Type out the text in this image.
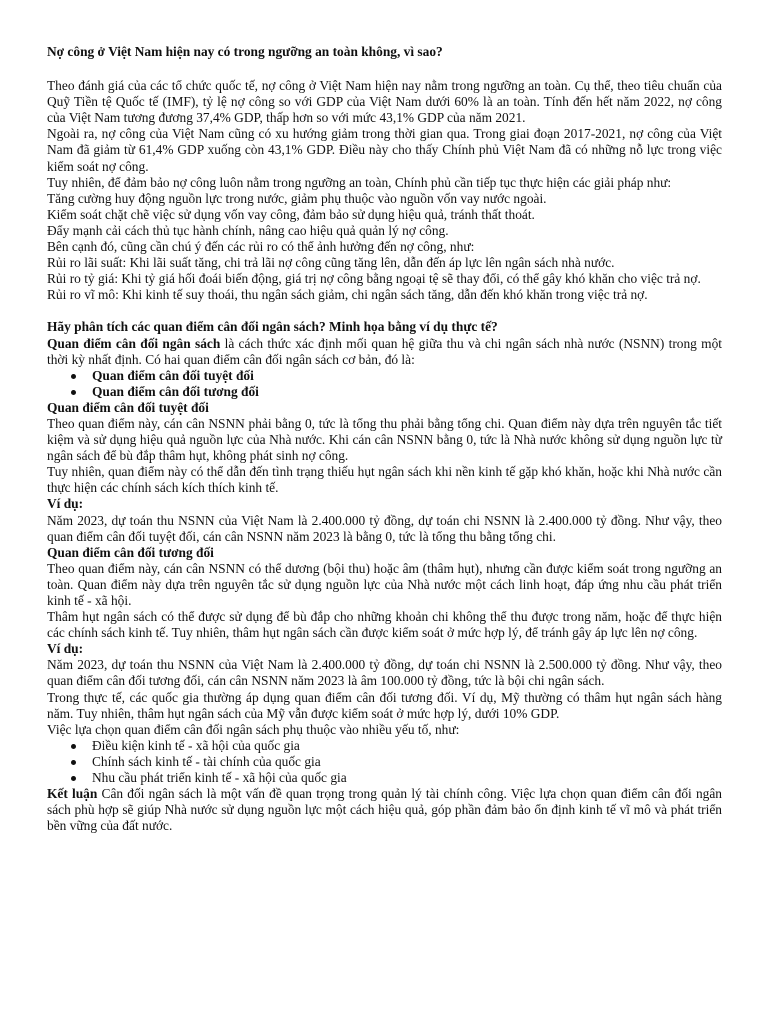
Nợ công ở Việt Nam hiện nay có trong ngưỡng an toàn không, vì sao?

Theo đánh giá của các tổ chức quốc tế, nợ công ở Việt Nam hiện nay nằm trong ngưỡng an toàn. Cụ thể, theo tiêu chuẩn của Quỹ Tiền tệ Quốc tế (IMF), tỷ lệ nợ công so với GDP của Việt Nam dưới 60% là an toàn. Tính đến hết năm 2022, nợ công của Việt Nam tương đương 37,4% GDP, thấp hơn so với mức 43,1% GDP của năm 2021.

Ngoài ra, nợ công của Việt Nam cũng có xu hướng giảm trong thời gian qua. Trong giai đoạn 2017-2021, nợ công của Việt Nam đã giảm từ 61,4% GDP xuống còn 43,1% GDP. Điều này cho thấy Chính phủ Việt Nam đã có những nỗ lực trong việc kiểm soát nợ công.

Tuy nhiên, để đảm bảo nợ công luôn nằm trong ngưỡng an toàn, Chính phủ cần tiếp tục thực hiện các giải pháp như:

Tăng cường huy động nguồn lực trong nước, giảm phụ thuộc vào nguồn vốn vay nước ngoài.

Kiểm soát chặt chẽ việc sử dụng vốn vay công, đảm bảo sử dụng hiệu quả, tránh thất thoát.

Đẩy mạnh cải cách thủ tục hành chính, nâng cao hiệu quả quản lý nợ công.

Bên cạnh đó, cũng cần chú ý đến các rủi ro có thể ảnh hưởng đến nợ công, như:

Rủi ro lãi suất: Khi lãi suất tăng, chi trả lãi nợ công cũng tăng lên, dẫn đến áp lực lên ngân sách nhà nước.

Rủi ro tỷ giá: Khi tỷ giá hối đoái biến động, giá trị nợ công bằng ngoại tệ sẽ thay đổi, có thể gây khó khăn cho việc trả nợ.

Rủi ro vĩ mô: Khi kinh tế suy thoái, thu ngân sách giảm, chi ngân sách tăng, dẫn đến khó khăn trong việc trả nợ.

Hãy phân tích các quan điểm cân đối ngân sách? Minh họa bằng ví dụ thực tế?

Quan điểm cân đối ngân sách là cách thức xác định mối quan hệ giữa thu và chi ngân sách nhà nước (NSNN) trong một thời kỳ nhất định. Có hai quan điểm cân đối ngân sách cơ bản, đó là:

Quan điểm cân đối tuyệt đối
Quan điểm cân đối tương đối

Quan điểm cân đối tuyệt đối

Theo quan điểm này, cán cân NSNN phải bằng 0, tức là tổng thu phải bằng tổng chi. Quan điểm này dựa trên nguyên tắc tiết kiệm và sử dụng hiệu quả nguồn lực của Nhà nước. Khi cán cân NSNN bằng 0, tức là Nhà nước không sử dụng nguồn lực từ ngân sách để bù đắp thâm hụt, không phát sinh nợ công.

Tuy nhiên, quan điểm này có thể dẫn đến tình trạng thiếu hụt ngân sách khi nền kinh tế gặp khó khăn, hoặc khi Nhà nước cần thực hiện các chính sách kích thích kinh tế.

Ví dụ:

Năm 2023, dự toán thu NSNN của Việt Nam là 2.400.000 tỷ đồng, dự toán chi NSNN là 2.400.000 tỷ đồng. Như vậy, theo quan điểm cân đối tuyệt đối, cán cân NSNN năm 2023 là bằng 0, tức là tổng thu bằng tổng chi.

Quan điểm cân đối tương đối

Theo quan điểm này, cán cân NSNN có thể dương (bội thu) hoặc âm (thâm hụt), nhưng cần được kiểm soát trong ngưỡng an toàn. Quan điểm này dựa trên nguyên tắc sử dụng nguồn lực của Nhà nước một cách linh hoạt, đáp ứng nhu cầu phát triển kinh tế - xã hội.

Thâm hụt ngân sách có thể được sử dụng để bù đắp cho những khoản chi không thể thu được trong năm, hoặc để thực hiện các chính sách kinh tế. Tuy nhiên, thâm hụt ngân sách cần được kiểm soát ở mức hợp lý, để tránh gây áp lực lên nợ công.

Ví dụ:

Năm 2023, dự toán thu NSNN của Việt Nam là 2.400.000 tỷ đồng, dự toán chi NSNN là 2.500.000 tỷ đồng. Như vậy, theo quan điểm cân đối tương đối, cán cân NSNN năm 2023 là âm 100.000 tỷ đồng, tức là bội chi ngân sách.

Trong thực tế, các quốc gia thường áp dụng quan điểm cân đối tương đối. Ví dụ, Mỹ thường có thâm hụt ngân sách hàng năm. Tuy nhiên, thâm hụt ngân sách của Mỹ vẫn được kiểm soát ở mức hợp lý, dưới 10% GDP.

Việc lựa chọn quan điểm cân đối ngân sách phụ thuộc vào nhiều yếu tố, như:

Điều kiện kinh tế - xã hội của quốc gia
Chính sách kinh tế - tài chính của quốc gia
Nhu cầu phát triển kinh tế - xã hội của quốc gia

Kết luận Cân đối ngân sách là một vấn đề quan trọng trong quản lý tài chính công. Việc lựa chọn quan điểm cân đối ngân sách phù hợp sẽ giúp Nhà nước sử dụng nguồn lực một cách hiệu quả, góp phần đảm bảo ổn định kinh tế vĩ mô và phát triển bền vững của đất nước.
